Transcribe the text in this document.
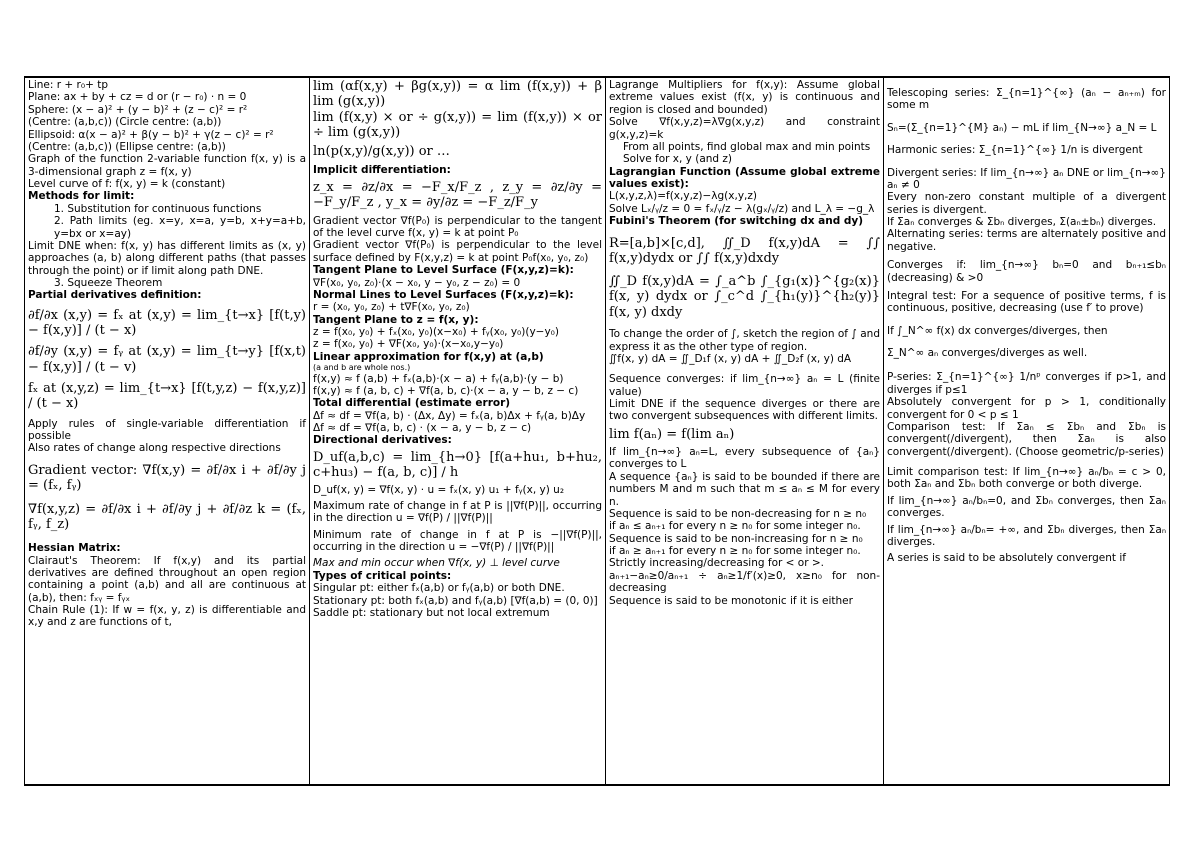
Line: r + r₀+ tp

Plane: ax + by + cz = d or (r − r₀) · n = 0

Sphere: (x − a)² + (y − b)² + (z − c)² = r²

(Centre: (a,b,c)) (Circle centre: (a,b))

Ellipsoid: α(x − a)² + β(y − b)² + γ(z − c)² = r²

(Centre: (a,b,c)) (Ellipse centre: (a,b))

Graph of the function 2-variable function f(x, y) is a 3-dimensional graph z = f(x, y)

Level curve of f: f(x, y) = k (constant)

Methods for limit:

1. Substitution for continuous functions

2. Path limits (eg. x=y, x=a, y=b, x+y=a+b, y=bx or x=ay)

Limit DNE when: f(x, y) has different limits as (x, y) approaches (a, b) along different paths (that passes through the point) or if limit along path DNE.

3. Squeeze Theorem

Partial derivatives definition:

∂f/∂x (x,y) = fₓ at (x,y) = lim_{t→x} [f(t,y) − f(x,y)] / (t − x)

∂f/∂y (x,y) = fᵧ at (x,y) = lim_{t→y} [f(x,t) − f(x,y)] / (t − v)

fₓ at (x,y,z) = lim_{t→x} [f(t,y,z) − f(x,y,z)] / (t − x)

Apply rules of single-variable differentiation if possible

Also rates of change along respective directions

Gradient vector: ∇f(x,y) = ∂f/∂x i + ∂f/∂y j = (fₓ, fᵧ)

∇f(x,y,z) = ∂f/∂x i + ∂f/∂y j + ∂f/∂z k = (fₓ, fᵧ, f_z)

Hessian Matrix:

Clairaut's Theorem: If f(x,y) and its partial derivatives are defined throughout an open region containing a point (a,b) and all are continuous at (a,b), then: fₓᵧ = fᵧₓ

Chain Rule (1): If w = f(x, y, z) is differentiable and x,y and z are functions of t,

lim (αf(x,y) + βg(x,y)) = α lim (f(x,y)) + β lim (g(x,y))

lim (f(x,y) × or ÷ g(x,y)) = lim (f(x,y)) × or ÷ lim (g(x,y))

ln(p(x,y)/g(x,y)) or …

Implicit differentiation:

z_x = ∂z/∂x = −F_x/F_z , z_y = ∂z/∂y = −F_y/F_z , y_x = ∂y/∂z = −F_z/F_y

Gradient vector ∇f(P₀) is perpendicular to the tangent of the level curve f(x, y) = k at point P₀

Gradient vector ∇f(P₀) is perpendicular to the level surface defined by F(x,y,z) = k at point P₀f(x₀, y₀, z₀)

Tangent Plane to Level Surface (F(x,y,z)=k):

∇F(x₀, y₀, z₀)·(x − x₀, y − y₀, z − z₀) = 0

Normal Lines to Level Surfaces (F(x,y,z)=k):

r = (x₀, y₀, z₀) + t∇F(x₀, y₀, z₀)

Tangent Plane to z = f(x, y):

z = f(x₀, y₀) + fₓ(x₀, y₀)(x−x₀) + fᵧ(x₀, y₀)(y−y₀)

z = f(x₀, y₀) + ∇F(x₀, y₀)·(x−x₀,y−y₀)

Linear approximation for f(x,y) at (a,b)

(a and b are whole nos.)

f(x,y) ≈ f (a,b) + fₓ(a,b)·(x − a) + fᵧ(a,b)·(y − b)

f(x,y) ≈ f (a, b, c) + ∇f(a, b, c)·(x − a, y − b, z − c)

Total differential (estimate error)

Δf ≈ df = ∇f(a, b) · (Δx, Δy) = fₓ(a, b)Δx + fᵧ(a, b)Δy

Δf ≈ df = ∇f(a, b, c) · (x − a, y − b, z − c)

Directional derivatives:

D_uf(a,b,c) = lim_{h→0} [f(a+hu₁, b+hu₂, c+hu₃) − f(a, b, c)] / h

D_uf(x, y) = ∇f(x, y) · u = fₓ(x, y) u₁ + fᵧ(x, y) u₂

Maximum rate of change in f at P is ||∇f(P)||, occurring in the direction u = ∇f(P) / ||∇f(P)||

Minimum rate of change in f at P is −||∇f(P)||, occurring in the direction u = −∇f(P) / ||∇f(P)||

Max and min occur when ∇f(x, y) ⊥ level curve

Types of critical points:

Singular pt: either fₓ(a,b) or fᵧ(a,b) or both DNE.

Stationary pt: both fₓ(a,b) and fᵧ(a,b) [∇f(a,b) = (0, 0)]

Saddle pt: stationary but not local extremum

Lagrange Multipliers for f(x,y): Assume global extreme values exist (f(x, y) is continuous and region is closed and bounded)

Solve ∇f(x,y,z)=λ∇g(x,y,z) and constraint g(x,y,z)=k

From all points, find global max and min points

Solve for x, y (and z)

Lagrangian Function (Assume global extreme values exist):

L(x,y,z,λ)=f(x,y,z)−λg(x,y,z)

Solve Lₓ/ᵧ/z = 0 = fₓ/ᵧ/z − λ(gₓ/ᵧ/z) and L_λ = −g_λ

Fubini's Theorem (for switching dx and dy)

R=[a,b]×[c,d], ∬_D f(x,y)dA = ∫∫ f(x,y)dydx or ∫∫ f(x,y)dxdy

∬_D f(x,y)dA = ∫_a^b ∫_{g₁(x)}^{g₂(x)} f(x, y) dydx or ∫_c^d ∫_{h₁(y)}^{h₂(y)} f(x, y) dxdy

To change the order of ∫, sketch the region of ∫ and express it as the other type of region.

∬f(x, y) dA = ∬_D₁f (x, y) dA + ∬_D₂f (x, y) dA

Sequence converges: if lim_{n→∞} aₙ = L (finite value)

Limit DNE if the sequence diverges or there are two convergent subsequences with different limits.

lim f(aₙ) = f(lim aₙ)

If lim_{n→∞} aₙ=L, every subsequence of {aₙ} converges to L

A sequence {aₙ} is said to be bounded if there are numbers M and m such that m ≤ aₙ ≤ M for every n.

Sequence is said to be non-decreasing for n ≥ n₀

if aₙ ≤ aₙ₊₁ for every n ≥ n₀ for some integer n₀.

Sequence is said to be non-increasing for n ≥ n₀

if aₙ ≥ aₙ₊₁ for every n ≥ n₀ for some integer n₀.

Strictly increasing/decreasing for < or >.

aₙ₊₁−aₙ≥0/aₙ₊₁ ÷ aₙ≥1/f′(x)≥0, x≥n₀ for non-decreasing

Sequence is said to be monotonic if it is either

Telescoping series: Σ_{n=1}^{∞} (aₙ − aₙ₊ₘ) for some m

Sₙ=(Σ_{n=1}^{M} aₙ) − mL if lim_{N→∞} a_N = L

Harmonic series: Σ_{n=1}^{∞} 1/n is divergent

Divergent series: If lim_{n→∞} aₙ DNE or lim_{n→∞} aₙ ≠ 0

Every non-zero constant multiple of a divergent series is divergent.

If Σaₙ converges & Σbₙ diverges, Σ(aₙ±bₙ) diverges.

Alternating series: terms are alternately positive and negative.

Converges if: lim_{n→∞} bₙ=0 and bₙ₊₁≤bₙ (decreasing) & >0

Integral test: For a sequence of positive terms, f is continuous, positive, decreasing (use f′ to prove)

If ∫_N^∞ f(x) dx converges/diverges, then

Σ_N^∞ aₙ converges/diverges as well.

P-series: Σ_{n=1}^{∞} 1/nᵖ converges if p>1, and diverges if p≤1

Absolutely convergent for p > 1, conditionally convergent for 0 < p ≤ 1

Comparison test: If Σaₙ ≤ Σbₙ and Σbₙ is convergent(/divergent), then Σaₙ is also convergent(/divergent). (Choose geometric/p-series)

Limit comparison test: If lim_{n→∞} aₙ/bₙ = c > 0, both Σaₙ and Σbₙ both converge or both diverge.

If lim_{n→∞} aₙ/bₙ=0, and Σbₙ converges, then Σaₙ converges.

If lim_{n→∞} aₙ/bₙ= +∞, and Σbₙ diverges, then Σaₙ diverges.

A series is said to be absolutely convergent if
